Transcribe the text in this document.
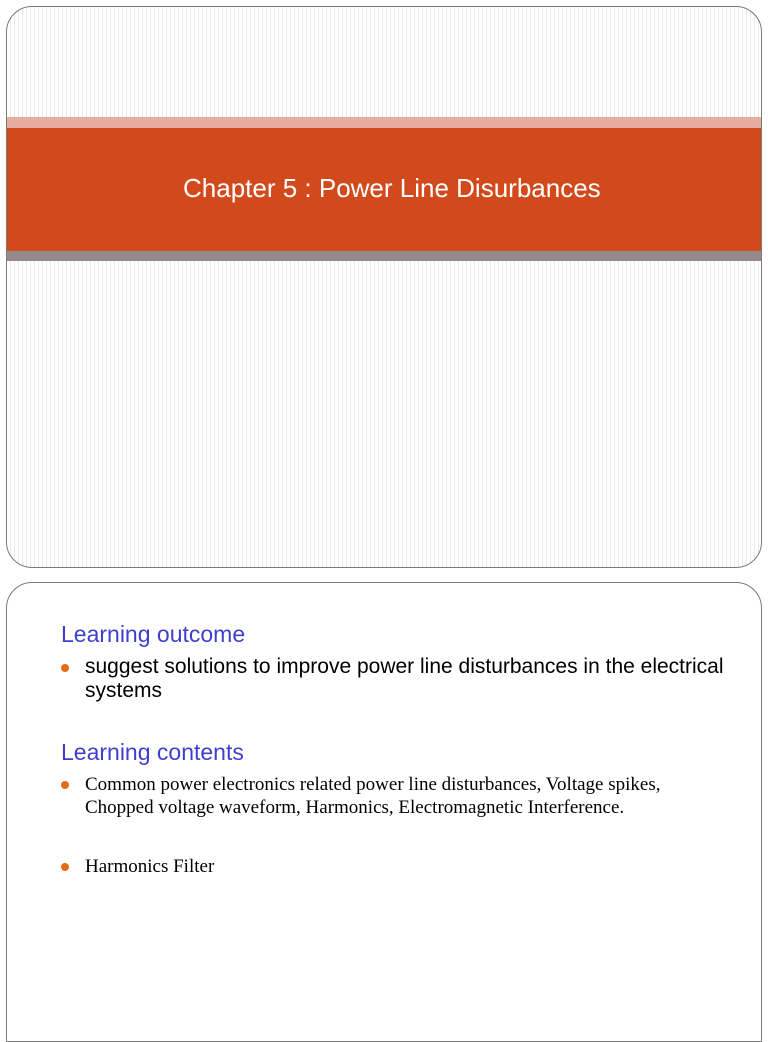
Chapter 5 : Power Line Disurbances
Learning outcome
suggest solutions to improve power line disturbances in the electrical systems
Learning contents
Common power electronics related power line disturbances, Voltage spikes, Chopped voltage waveform, Harmonics, Electromagnetic Interference.
Harmonics Filter
